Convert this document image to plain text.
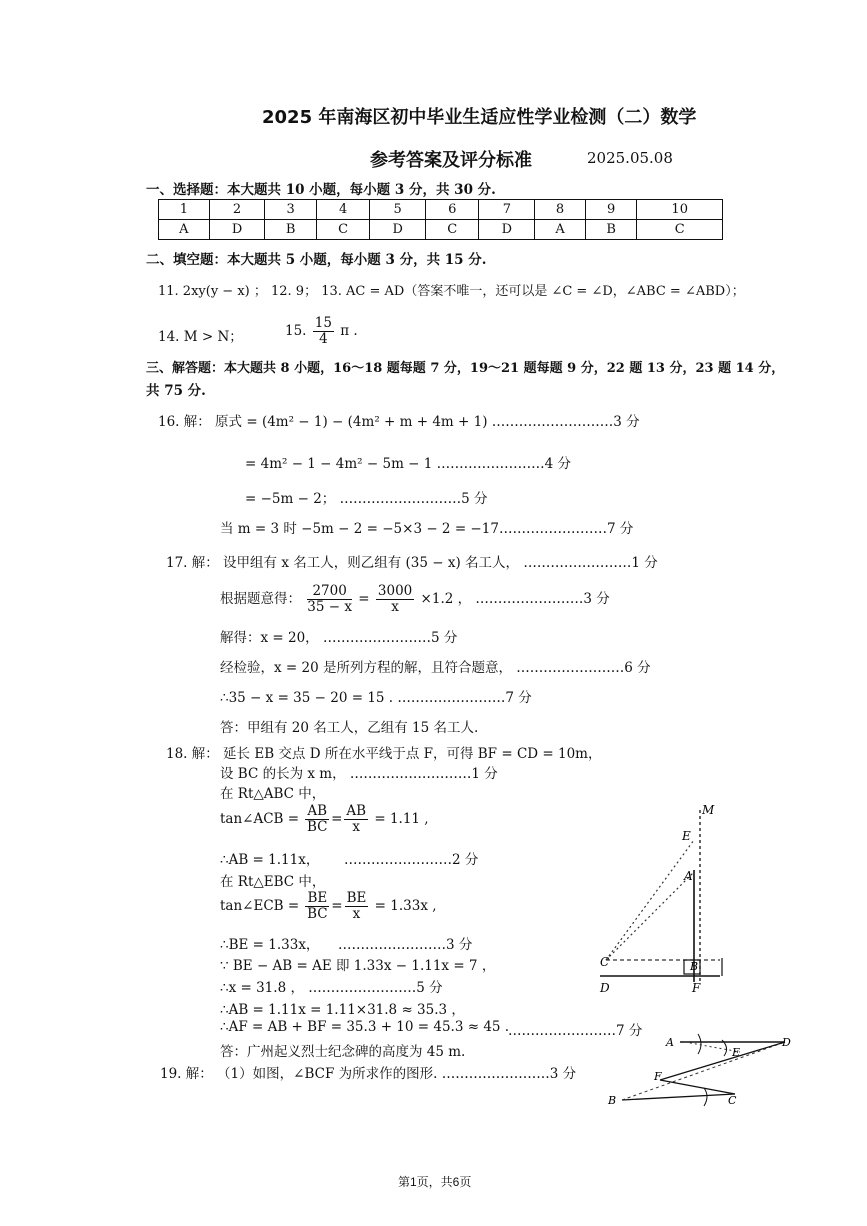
2025 年南海区初中毕业生适应性学业检测（二）数学
参考答案及评分标准	2025.05.08
一、选择题：本大题共 10 小题，每小题 3 分，共 30 分.
1	2	3	4	5	6	7	8	9	10
A	D	B	C	D	C	D	A	B	C
二、填空题：本大题共 5 小题，每小题 3 分，共 15 分.
11. 2xy(y − x) ； 12. 9； 13. AC = AD（答案不唯一，还可以是 ∠C = ∠D，∠ABC = ∠ABD）；
14. M > N；	15. $\frac{15}{4}$ π .
三、解答题：本大题共 8 小题，16～18 题每题 7 分，19～21 题每题 9 分，22 题 13 分，23 题 14 分，
共 75 分.
16. 解： 原式 = (4m² − 1) − (4m² + m + 4m + 1) ………………………3 分
= 4m² − 1 − 4m² − 5m − 1 ……………………4 分
= −5m − 2； ………………………5 分
当 m = 3 时 −5m − 2 = −5×3 − 2 = −17 ……………………7 分
17. 解： 设甲组有 x 名工人，则乙组有 (35 − x) 名工人， ……………………1 分
根据题意得： $\frac{2700}{35 - x} = \frac{3000}{x} \times 1.2$ ， ……………………3 分
解得：x = 20， ……………………5 分
经检验，x = 20 是所列方程的解，且符合题意， ……………………6 分
∴35 − x = 35 − 20 = 15 . ……………………7 分
答：甲组有 20 名工人，乙组有 15 名工人.
18. 解： 延长 EB 交点 D 所在水平线于点 F，可得 BF = CD = 10m，
设 BC 的长为 x m， ………………………1 分
在 Rt△ABC 中，
tan∠ACB = $\frac{AB}{BC} = \frac{AB}{x} = 1.11$ ,
∴AB = 1.11x， ……………………2 分
在 Rt△EBC 中，
tan∠ECB = $\frac{BE}{BC} = \frac{BE}{x} = 1.33x$ ,
∴BE = 1.33x， ……………………3 分
∵ BE − AB = AE 即 1.33x − 1.11x = 7 ，
∴x = 31.8 ， ……………………5 分
∴AB = 1.11x = 1.11×31.8 ≈ 35.3 ，
∴AF = AB + BF = 35.3 + 10 = 45.3 ≈ 45 .
……………………7 分
答：广州起义烈士纪念碑的高度为 45 m.
M
E
A
C	B
D	F
19. 解： （1）如图，∠BCF 为所求作的图形. ……………………3 分
A
E
D
F
B	C
第1页，共6页
